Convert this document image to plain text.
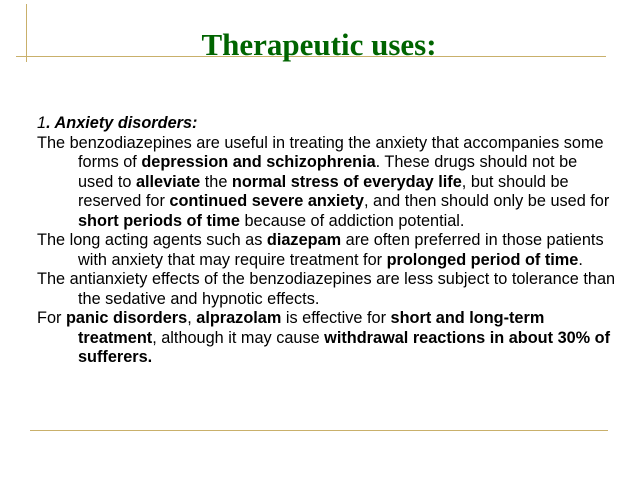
Therapeutic uses:

1. Anxiety disorders:

The benzodiazepines are useful in treating the anxiety that accompanies some forms of depression and schizophrenia. These drugs should not be used to alleviate the normal stress of everyday life, but should be reserved for continued severe anxiety, and then should only be used for short periods of time because of addiction potential.

The long acting agents such as diazepam are often preferred in those patients with anxiety that may require treatment for prolonged period of time.

The antianxiety effects of the benzodiazepines are less subject to tolerance than the sedative and hypnotic effects.

For panic disorders, alprazolam is effective for short and long-term treatment, although it may cause withdrawal reactions in about 30% of sufferers.
